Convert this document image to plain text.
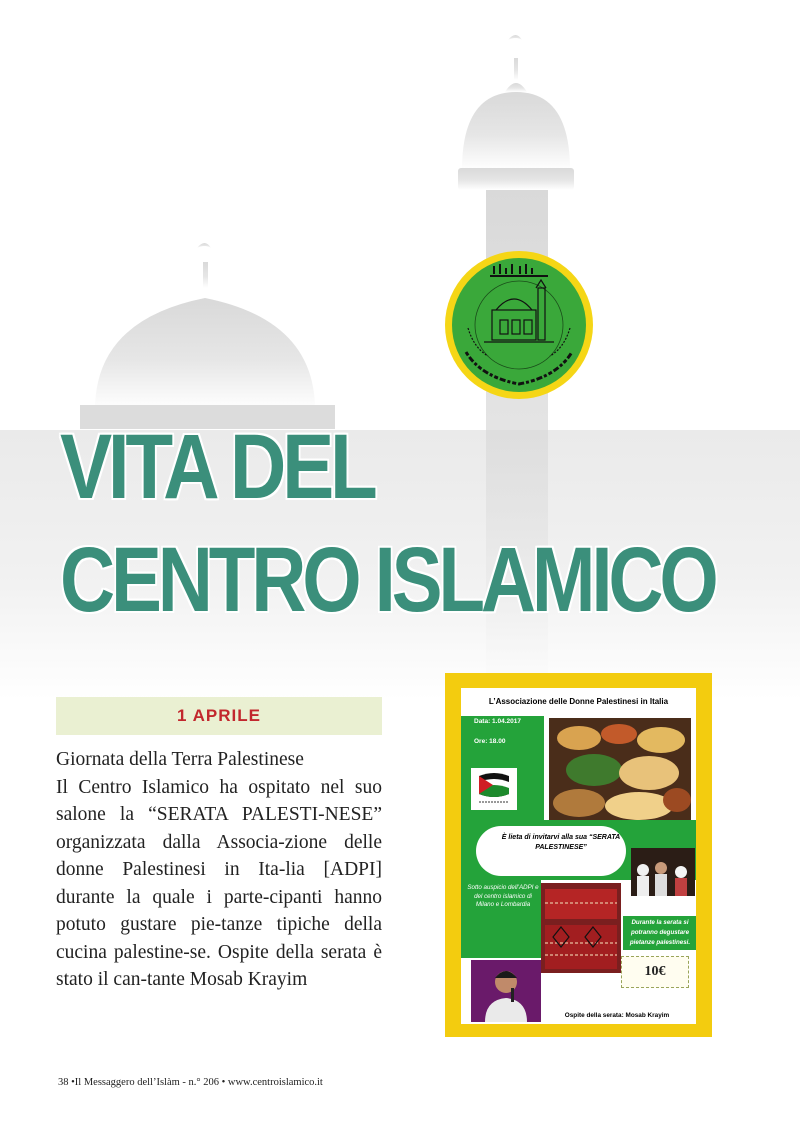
VITA DEL
CENTRO ISLAMICO
1 APRILE

Giornata della Terra Palestinese

Il Centro Islamico ha ospitato nel suo salone la “SERATA PALESTI-NESE” organizzata dalla Associa-zione delle donne Palestinesi in Ita-lia [ADPI] durante la quale i parte-cipanti hanno potuto gustare pie-tanze tipiche della cucina palestine-se. Ospite della serata è stato il can-tante Mosab Krayim

L’Associazione delle Donne Palestinesi in Italia
Data: 1.04.2017
Ore: 18.00
È lieta di invitarvi alla sua “SERATA PALESTINESE”
Sotto auspicio dell’ADPI e del centro islamico di Milano e Lombardia
Durante la serata si potranno degustare pietanze palestinesi.
10€
Ospite della serata: Mosab Krayim
38 •Il Messaggero dell’Islàm - n.° 206 • www.centroislamico.it
